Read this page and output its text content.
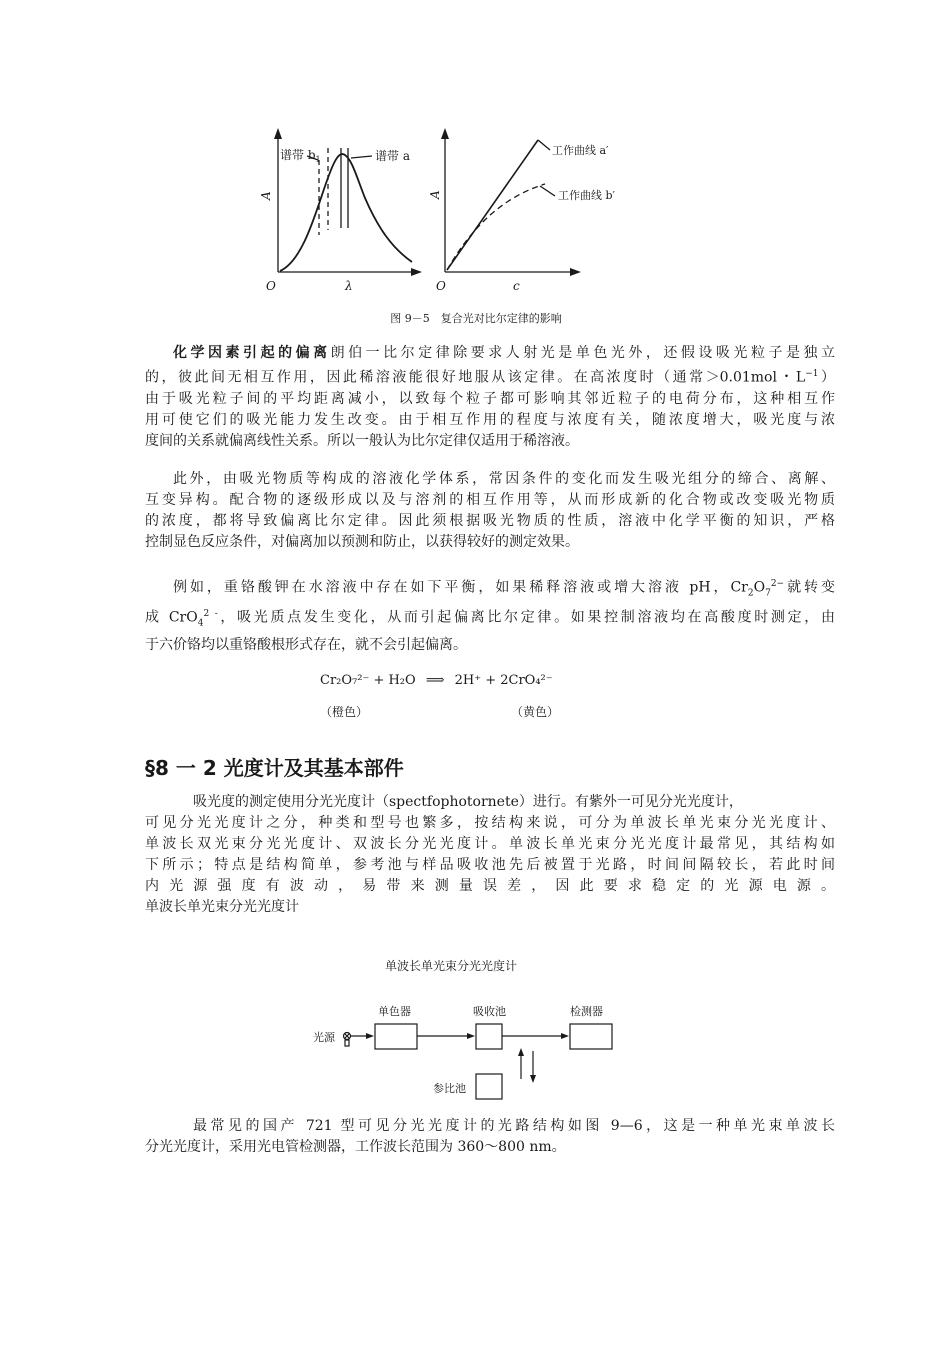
谱带 $b_1$	谱带 a
A
O	λ
工作曲线 a′
工作曲线 b′
A
O	c
图 9－5　复合光对比尔定律的影响
化学因素引起的偏离朗伯一比尔定律除要求人射光是单色光外，还假设吸光粒子是独立
的，彼此间无相互作用，因此稀溶液能很好地服从该定律。在高浓度时（通常＞0.01mol・$L^{-1}$）
由于吸光粒子间的平均距离减小，以致每个粒子都可影响其邻近粒子的电荷分布，这种相互作
用可使它们的吸光能力发生改变。由于相互作用的程度与浓度有关，随浓度增大，吸光度与浓
度间的关系就偏离线性关系。所以一般认为比尔定律仅适用于稀溶液。
此外，由吸光物质等构成的溶液化学体系，常因条件的变化而发生吸光组分的缔合、离解、
互变异构。配合物的逐级形成以及与溶剂的相互作用等，从而形成新的化合物或改变吸光物质
的浓度，都将导致偏离比尔定律。因此须根据吸光物质的性质，溶液中化学平衡的知识，严格
控制显色反应条件，对偏离加以预测和防止，以获得较好的测定效果。
例如，重铬酸钾在水溶液中存在如下平衡，如果稀释溶液或增大溶液 pH，$Cr_2O_7^{2-}$就转变
成 CrO$_4^{2 -}$，吸光质点发生变化，从而引起偏离比尔定律。如果控制溶液均在高酸度时测定，由
于六价铬均以重铬酸根形式存在，就不会引起偏离。
Cr₂O₇²⁻ + H₂O ⟹ 2H⁺ + 2CrO₄²⁻
（橙色）	（黄色）
§8 一 2 光度计及其基本部件
吸光度的测定使用分光光度计（spectfophotornete）进行。有紫外一可见分光光度计，
可见分光光度计之分，种类和型号也繁多，按结构来说，可分为单波长单光束分光光度计、
单波长双光束分光光度计、双波长分光光度计。单波长单光束分光光度计最常见，其结构如
下所示；特点是结构简单，参考池与样品吸收池先后被置于光路，时间间隔较长，若此时间
内光源强度有波动，易带来测量误差，因此要求稳定的光源电源。
单波长单光束分光光度计
单波长单光束分光光度计
单色器	吸收池	检测器
光源
参比池
最常见的国产 721 型可见分光光度计的光路结构如图 9—6，这是一种单光束单波长
分光光度计，采用光电管检测器，工作波长范围为 360～800 nm。
